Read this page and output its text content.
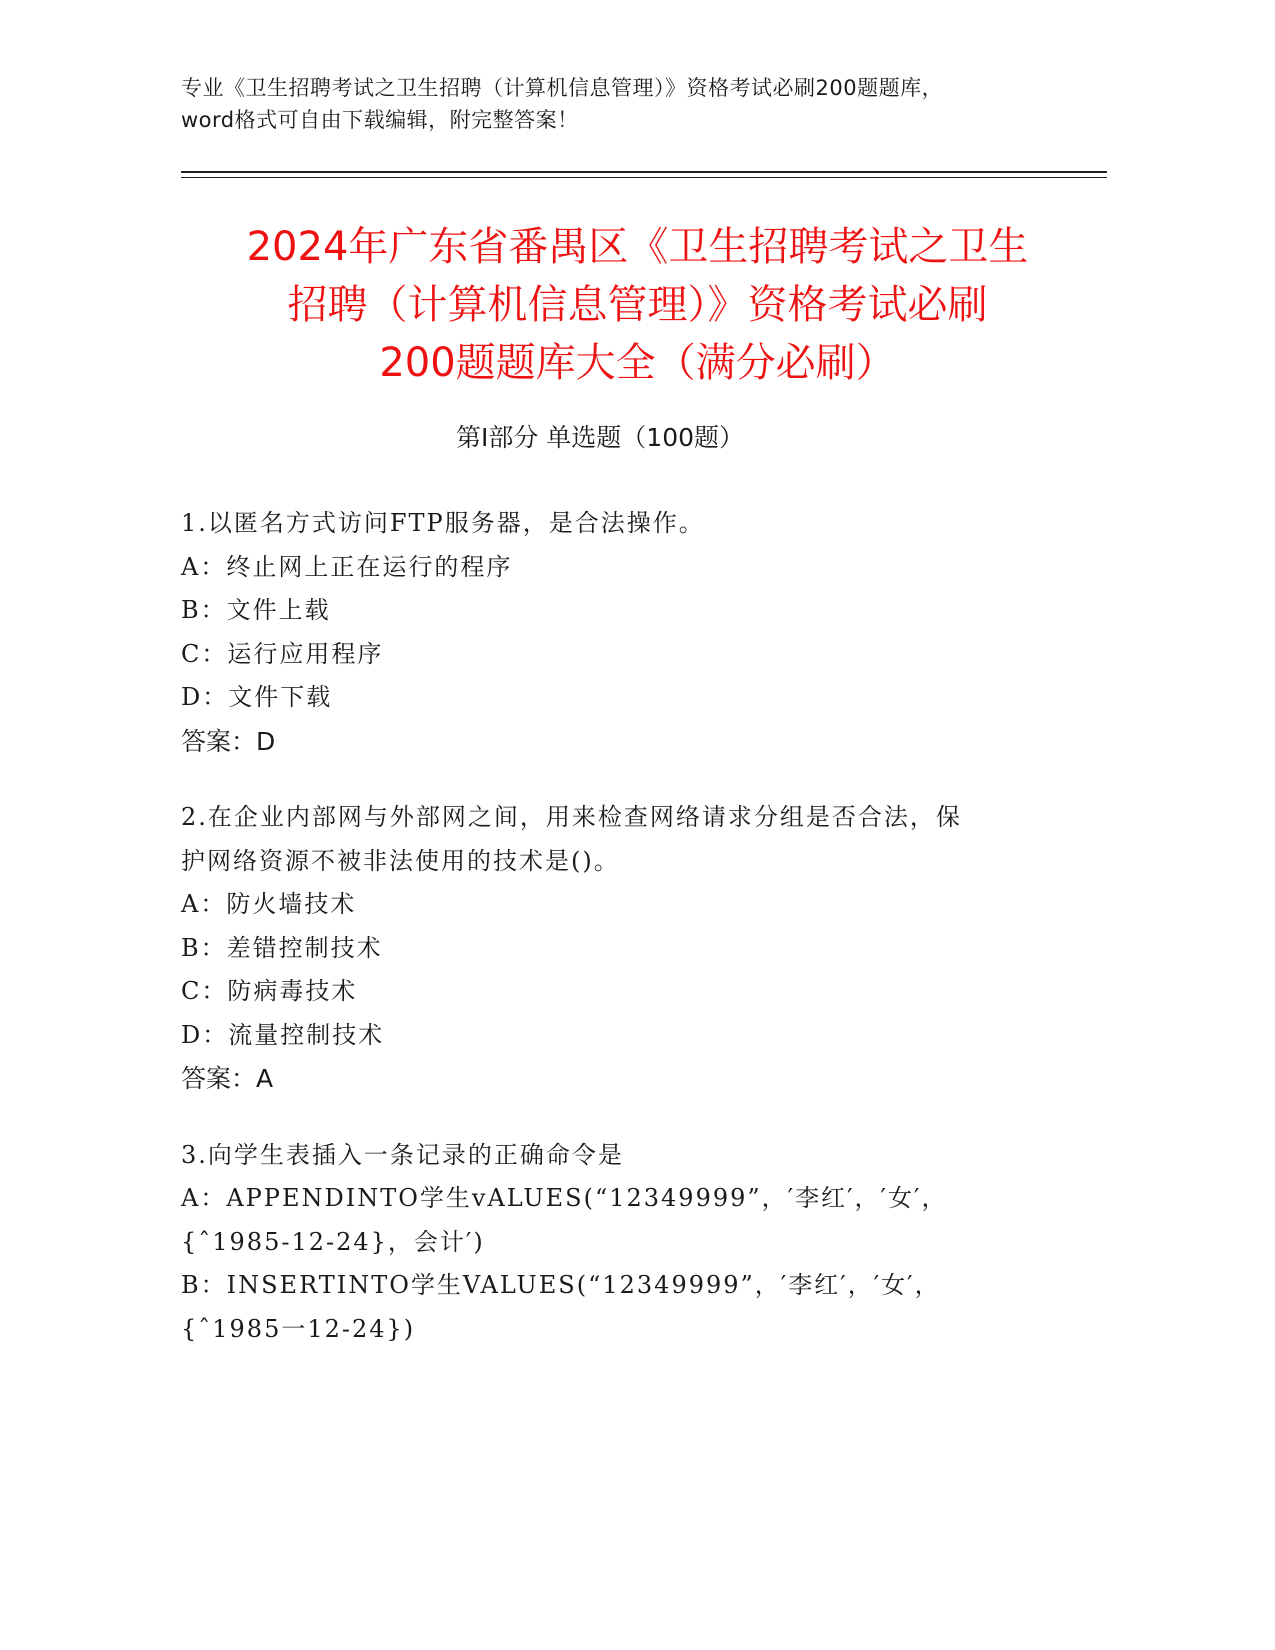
专业《卫生招聘考试之卫生招聘（计算机信息管理）》资格考试必刷200题题库，
word格式可自由下载编辑，附完整答案！
2024年广东省番禺区《卫生招聘考试之卫生
招聘（计算机信息管理）》资格考试必刷
200题题库大全（满分必刷）
第Ⅰ部分 单选题（100题）
1.以匿名方式访问FTP服务器，是合法操作。
A：终止网上正在运行的程序
B：文件上载
C：运行应用程序
D：文件下载
答案：D
2.在企业内部网与外部网之间，用来检查网络请求分组是否合法，保
护网络资源不被非法使用的技术是()。
A：防火墙技术
B：差错控制技术
C：防病毒技术
D：流量控制技术
答案：A
3.向学生表插入一条记录的正确命令是
A：APPENDINTO学生vALUES(“12349999”，′李红′，′女′，
{ˆ1985-12-24}，会计′)
B：INSERTINTO学生VALUES(“12349999”，′李红′，′女′，
{ˆ1985一12-24})
